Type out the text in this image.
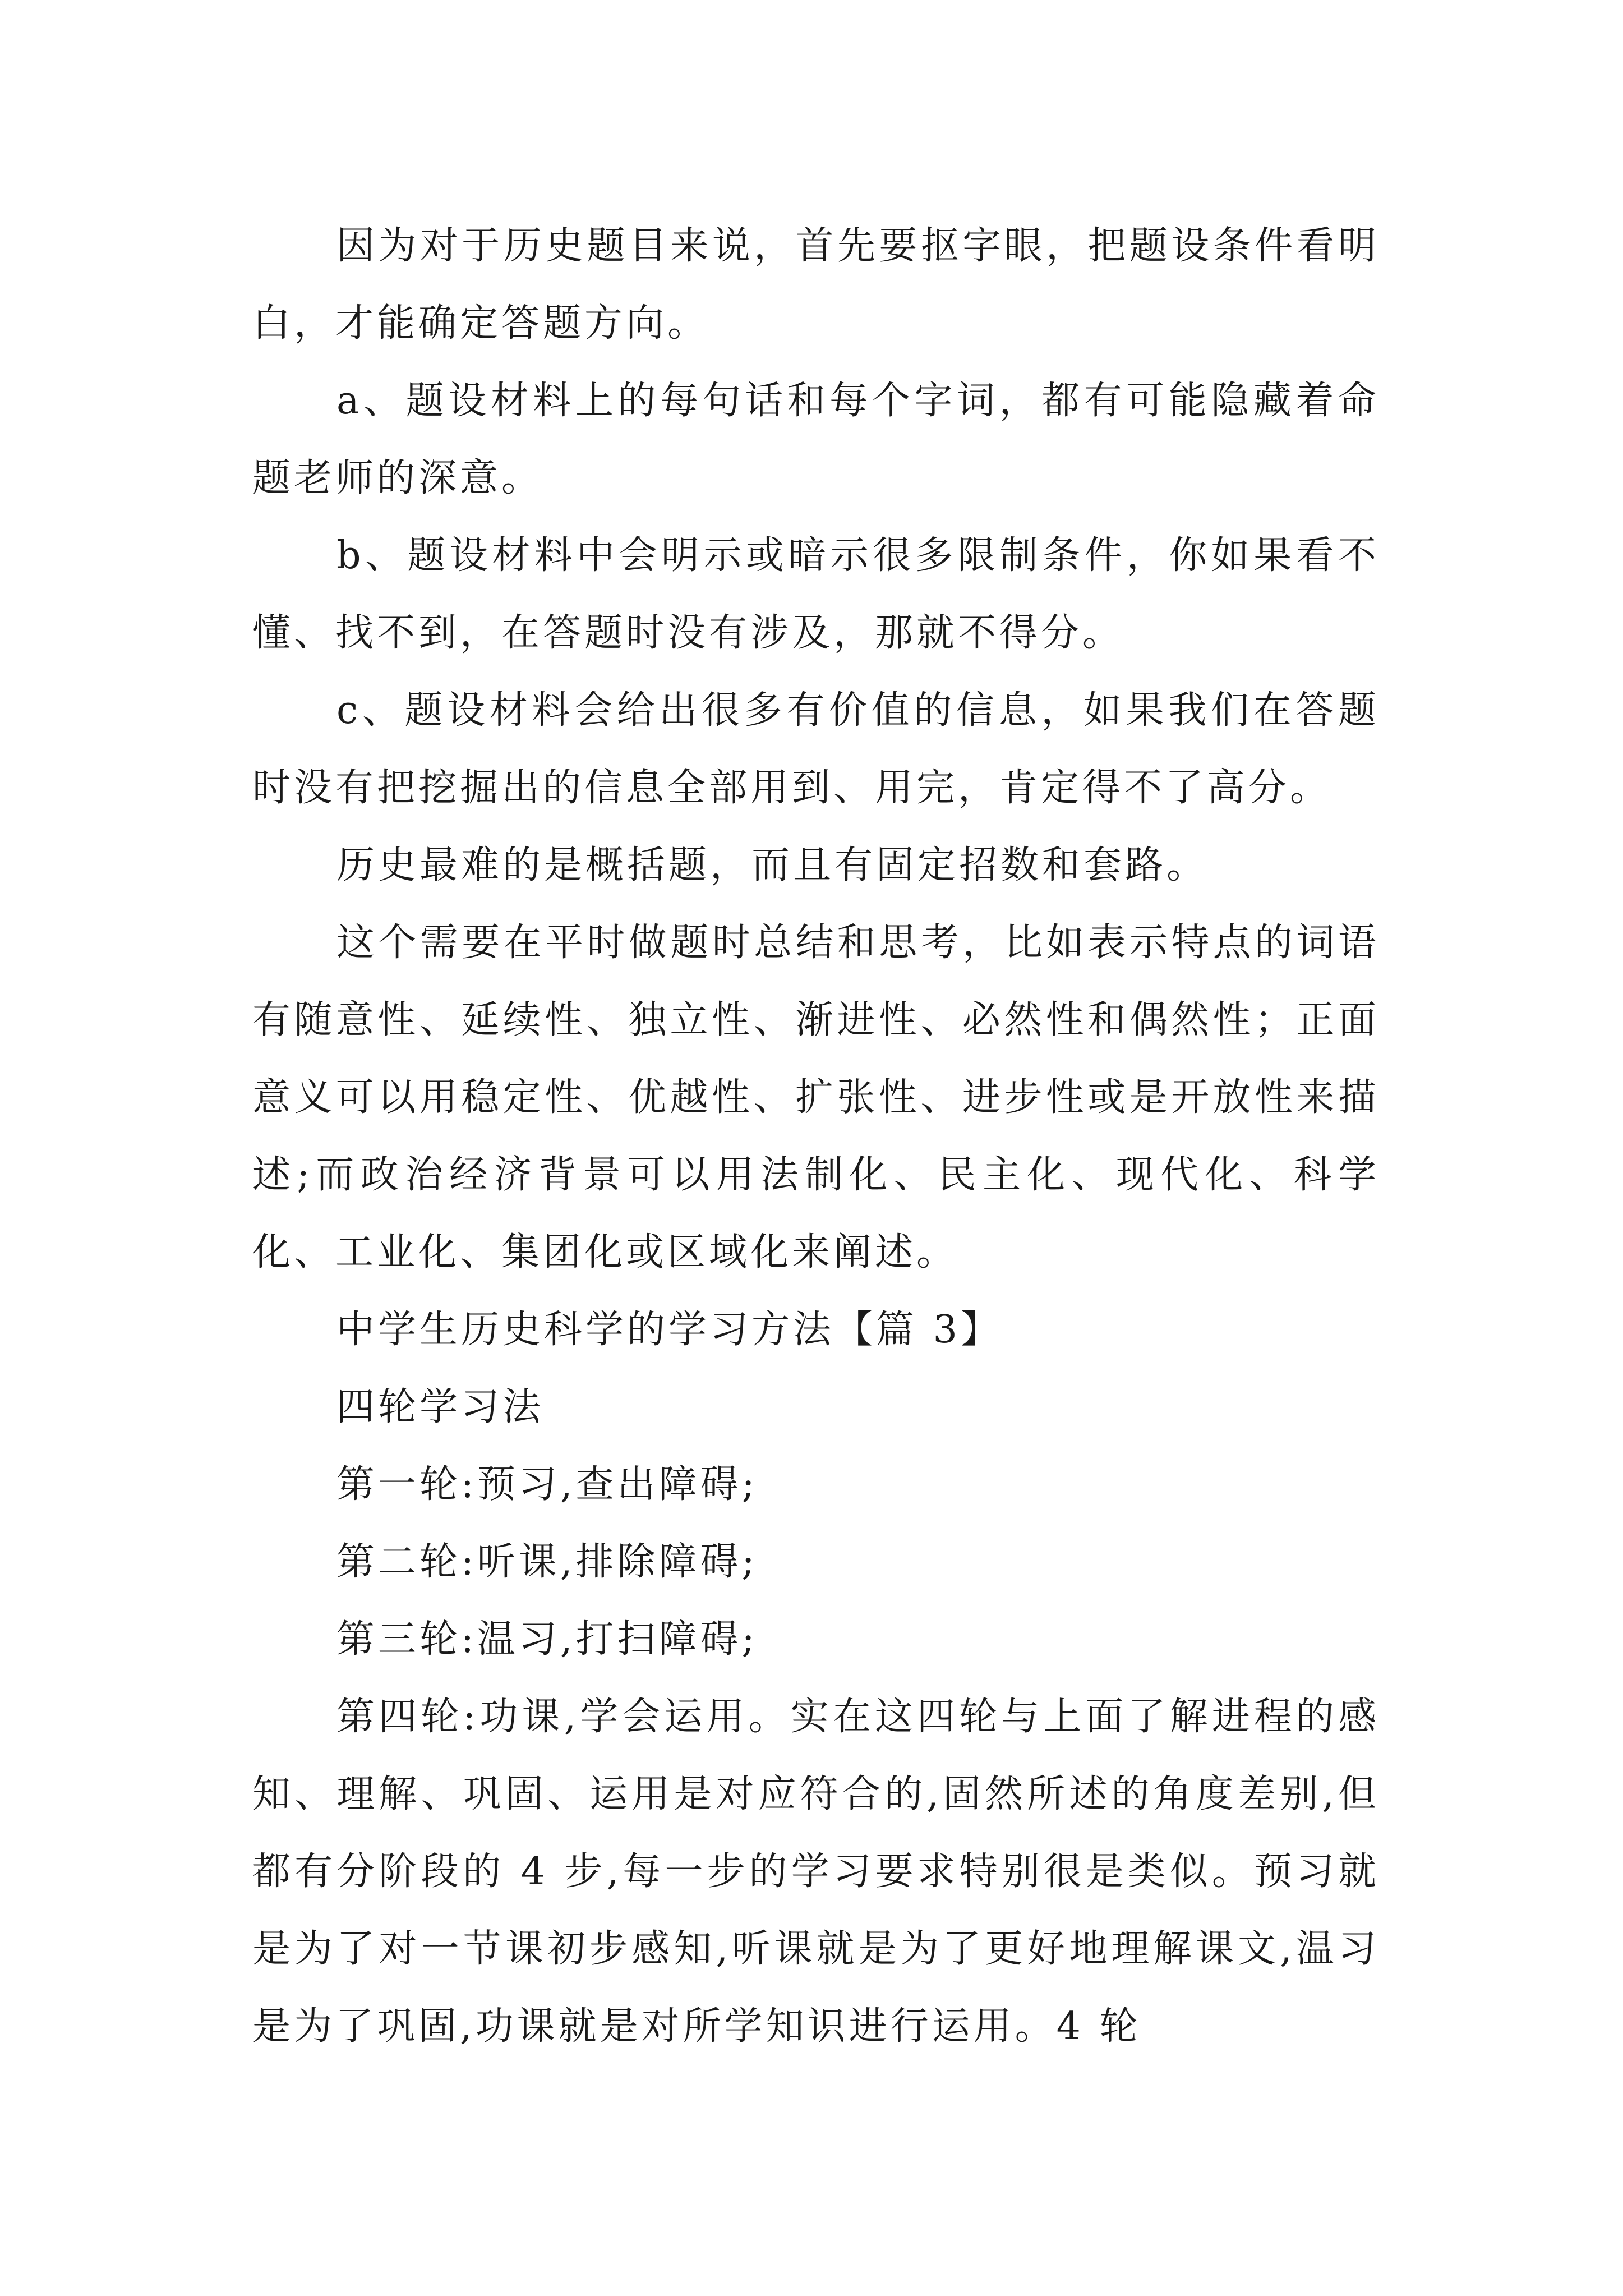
因为对于历史题目来说，首先要抠字眼，把题设条件看明白，才能确定答题方向。

a、题设材料上的每句话和每个字词，都有可能隐藏着命题老师的深意。

b、题设材料中会明示或暗示很多限制条件，你如果看不懂、找不到，在答题时没有涉及，那就不得分。

c、题设材料会给出很多有价值的信息，如果我们在答题时没有把挖掘出的信息全部用到、用完，肯定得不了高分。

历史最难的是概括题，而且有固定招数和套路。

这个需要在平时做题时总结和思考，比如表示特点的词语有随意性、延续性、独立性、渐进性、必然性和偶然性；正面意义可以用稳定性、优越性、扩张性、进步性或是开放性来描述;而政治经济背景可以用法制化、民主化、现代化、科学化、工业化、集团化或区域化来阐述。

中学生历史科学的学习方法【篇 3】

四轮学习法

第一轮:预习,查出障碍;

第二轮:听课,排除障碍;

第三轮:温习,打扫障碍;

第四轮:功课,学会运用。实在这四轮与上面了解进程的感知、理解、巩固、运用是对应符合的,固然所述的角度差别,但都有分阶段的 4 步,每一步的学习要求特别很是类似。预习就是为了对一节课初步感知,听课就是为了更好地理解课文,温习是为了巩固,功课就是对所学知识进行运用。4 轮
